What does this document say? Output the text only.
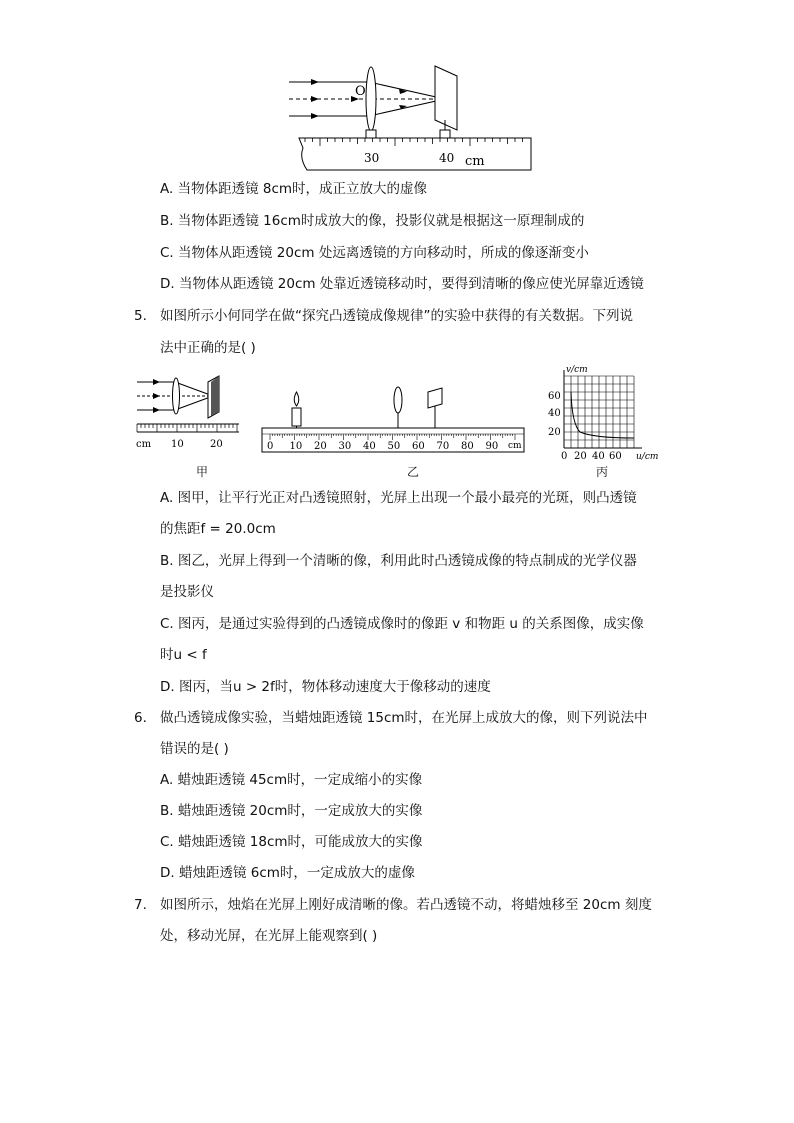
O
30	40 cm
A. 当物体距透镜 8cm时，成正立放大的虚像
B. 当物体距透镜 16cm时成放大的像，投影仪就是根据这一原理制成的
C. 当物体从距透镜 20cm 处远离透镜的方向移动时，所成的像逐渐变小
D. 当物体从距透镜 20cm 处靠近透镜移动时，要得到清晰的像应使光屏靠近透镜
5. 如图所示小何同学在做“探究凸透镜成像规律”的实验中获得的有关数据。下列说
法中正确的是( )
cm 10	20
甲
0 10 20 30 40 50 60 70 80 90 cm
乙
v/cm
60
40
20
0 20 40 60 u/cm
丙
A. 图甲，让平行光正对凸透镜照射，光屏上出现一个最小最亮的光斑，则凸透镜
的焦距f = 20.0cm
B. 图乙，光屏上得到一个清晰的像，利用此时凸透镜成像的特点制成的光学仪器
是投影仪
C. 图丙，是通过实验得到的凸透镜成像时的像距 v 和物距 u 的关系图像，成实像
时u < f
D. 图丙，当u > 2f时，物体移动速度大于像移动的速度
6. 做凸透镜成像实验，当蜡烛距透镜 15cm时，在光屏上成放大的像，则下列说法中
错误的是( )
A. 蜡烛距透镜 45cm时，一定成缩小的实像
B. 蜡烛距透镜 20cm时，一定成放大的实像
C. 蜡烛距透镜 18cm时，可能成放大的实像
D. 蜡烛距透镜 6cm时，一定成放大的虚像
7. 如图所示，烛焰在光屏上刚好成清晰的像。若凸透镜不动，将蜡烛移至 20cm 刻度
处，移动光屏，在光屏上能观察到( )
